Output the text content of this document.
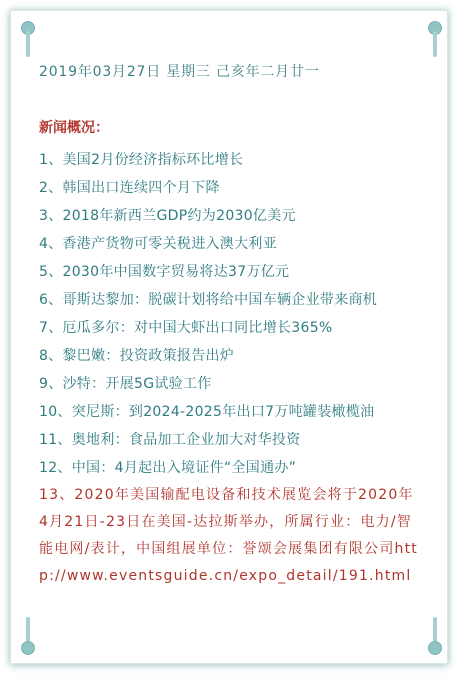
2019年03月27日 星期三 己亥年二月廿一

新闻概况：

1、美国2月份经济指标环比增长
2、韩国出口连续四个月下降
3、2018年新西兰GDP约为2030亿美元
4、香港产货物可零关税进入澳大利亚
5、2030年中国数字贸易将达37万亿元
6、哥斯达黎加：脱碳计划将给中国车辆企业带来商机
7、厄瓜多尔：对中国大虾出口同比增长365%
8、黎巴嫩：投资政策报告出炉
9、沙特：开展5G试验工作
10、突尼斯：到2024-2025年出口7万吨罐装橄榄油
11、奥地利：食品加工企业加大对华投资
12、中国：4月起出入境证件“全国通办”
13、2020年美国输配电设备和技术展览会将于2020年4月21日-23日在美国-达拉斯举办，所属行业：电力/智能电网/表计，中国组展单位：誉颂会展集团有限公司http://www.eventsguide.cn/expo_detail/191.html
